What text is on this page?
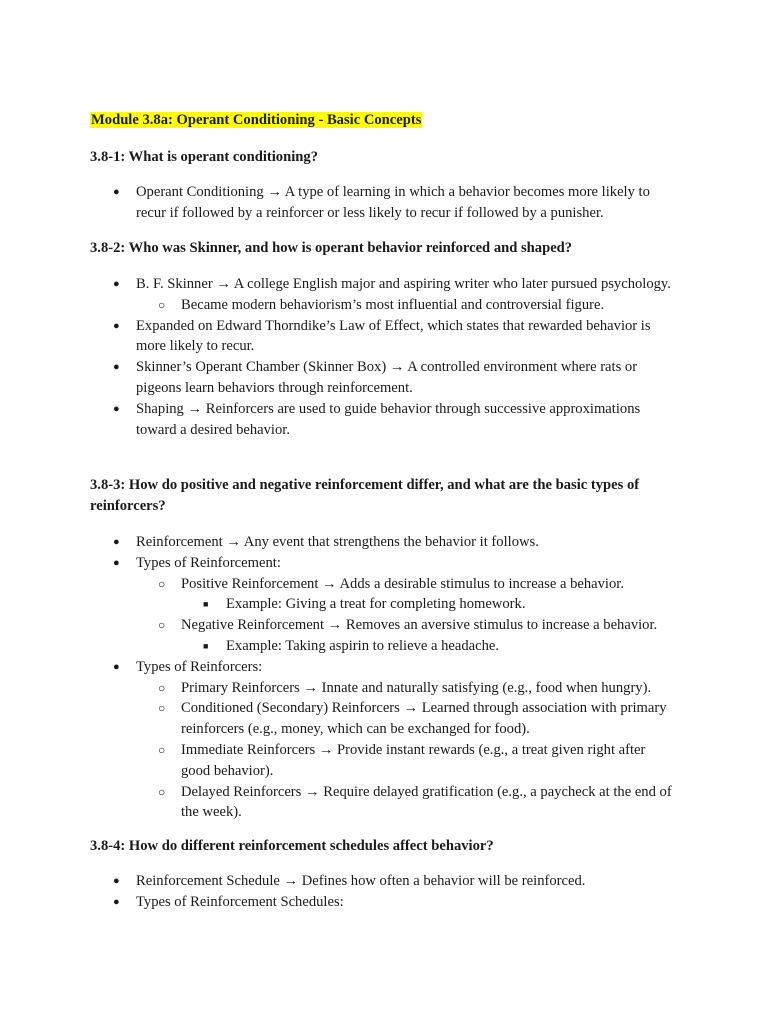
Module 3.8a: Operant Conditioning - Basic Concepts
3.8-1: What is operant conditioning?
● Operant Conditioning → A type of learning in which a behavior becomes more likely to recur if followed by a reinforcer or less likely to recur if followed by a punisher.
3.8-2: Who was Skinner, and how is operant behavior reinforced and shaped?
● B. F. Skinner → A college English major and aspiring writer who later pursued psychology.
○ Became modern behaviorism’s most influential and controversial figure.
● Expanded on Edward Thorndike’s Law of Effect, which states that rewarded behavior is more likely to recur.
● Skinner’s Operant Chamber (Skinner Box) → A controlled environment where rats or pigeons learn behaviors through reinforcement.
● Shaping → Reinforcers are used to guide behavior through successive approximations toward a desired behavior.
3.8-3: How do positive and negative reinforcement differ, and what are the basic types of reinforcers?
● Reinforcement → Any event that strengthens the behavior it follows.
● Types of Reinforcement:
○ Positive Reinforcement → Adds a desirable stimulus to increase a behavior.
■ Example: Giving a treat for completing homework.
○ Negative Reinforcement → Removes an aversive stimulus to increase a behavior.
■ Example: Taking aspirin to relieve a headache.
● Types of Reinforcers:
○ Primary Reinforcers → Innate and naturally satisfying (e.g., food when hungry).
○ Conditioned (Secondary) Reinforcers → Learned through association with primary reinforcers (e.g., money, which can be exchanged for food).
○ Immediate Reinforcers → Provide instant rewards (e.g., a treat given right after good behavior).
○ Delayed Reinforcers → Require delayed gratification (e.g., a paycheck at the end of the week).
3.8-4: How do different reinforcement schedules affect behavior?
● Reinforcement Schedule → Defines how often a behavior will be reinforced.
● Types of Reinforcement Schedules:
